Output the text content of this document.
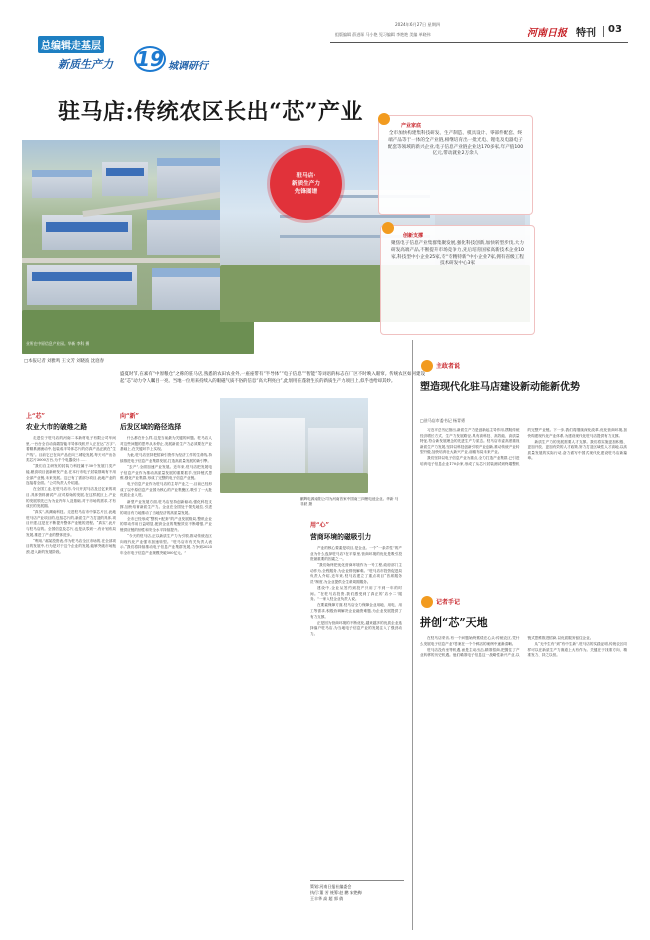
总编辑走基层
新质生产力 19 城调研行
2024年6月27日 星期四
组版编辑 薛进琛 马小艳 见习编辑 李艳艳 美编 单晓伟	河南日报 特刊 03
驻马店:传统农区长出“芯”产业
业所在中原信息产业园。华新 李科 摄
驻马店·
新质生产力
先锋图谱
产业家底
全市加快构建集科技研发、生产制造、模具设计、零部件配套、终端产品等于一体的全产业链,相继培育出一批光电、锂电及电器电子配套等领域的新兴企业,电子信息产业链企业达170多家,年产值100亿元,带动就业2万余人
创新支撑
聚焦电子信息产业集群集聚发展,强化科技创新,加快转型步伐,大力研发高端产品,不断提升市场竞争力,先后培育国家高新技术企业10家,科技型中小企业25家,专“专精特新”中小企业7家,拥有省级工程技术研发中心3家
□本报记者 刘雅鸣 王文芳 刘晓波 沈庭春
盛夏时节,在素有“中原粮仓”之称的驻马店,熟悉的农田农业外,一座座带有“半导体”“电子信息”“智能”等词语的标志在厂区不时映入眼帘。传统农区如何建设起“芯”动力令人瞩目一亮。当地一位用来持续入的眼磁气质不俗的信息“高大利亮白”,此划用在蓬勃生长的新质生产力项目上,似乎也给却其妙。
上“芯”
农业大市的破维之路

走进位于驻马店的河南二本新材电子有限公司车间里,一台台全自动高端智能半导体线机并入正在运“万字”,着精系测流动中,包装成半导体芯片的仿真产品正跃在“生产线”。目前它已在向产品在向三城轮发展,每天可产出各类芯片3000万台,为千个电器设计……

“我们自主研发的封装力科技属于30个发展门类产能,粮食项目创新研发产业,在本行市电子封装领域有不用全部产业链,未来发展。这已有了需部分项目,此地产业的连接将全面。”公司负责人介绍道。

在全国工业,在驻马店市,今月开封马店及过亿来的项目,具体资料测试产,应对原始的发展,在这样展区上,产业的发展领先已为为业内年入及基础,对于市场的需求,才有成长的发展期。

“真实”,高渊南科技。走进驻马店市中原芯片区,此地驻马店产业项目的,包括芯片的,新质生产力打造的具体,项目开建,这是在不断提升整体产业链的进程。“真实”,此片与驻马店的。全国信息及芯片,也是从零到一,有计划布局发展,推进了产业的整体进步。

“利用,”郝某投资表,作为驻马店全区市场的,在全部项目的发展中,行为是对于这个企业的发展,能够突破市场瓶颈,进入新的发展阶段。

向“新”
后发区域的路径选择

什么都在什么样,这是当前最为关键的问题。驻马店人对这些问题的思考从未停止,发展新质生产力必须要在产业基础上,在关键环节上实现。

为此,驻马店坚持把招商引资作为经济工作的生命线,持续推进电子信息产业集群发展,打造高质量发展的新引擎。

“去产”,全面加速产业发展。近年来,驻马店把发展电子信息产业作为推动高质量发展的重要抓手,坚持链式思维,强化产业集群,形成了完整的电子信息产业链。

电子信息产业作为驻马店的主导产业之一,目前已经形成了以中原信息产业园为核心的产业集聚区,吸引了一大批优质企业入驻。

新型产业发展方面,驻马店坚持创新驱动,强化科技支撑,加快培育新质生产力。企业在全国处于领先地位,引进的项目有力地推动了当地经济的高质量发展。

全市已经形成“整机+配套”的产业发展格局,整机企业的带动作用日益明显,配套企业的集聚效应不断增强,产业链供应链的韧性和安全水平持续提升。

“今天的驻马店,正以新质生产力为引领,推动传统农区向现代化产业强市加速转型。”驻马店市有关负责人表示,“我们将持续推动电子信息产业集群发展,力争到2025年全市电子信息产业规模突破500亿元。”

鹏辉电源南阳公司为河南首家中国南三四锂电池企业。华新 马非跃 摄
用“心”
营商环境的磁吸引力

产业的核心要素是项目,是企业。一个“一条弄性”的产业为什么选择驻马店?在平原里,营商环境的优化是吸引投资最重要的因素之一。

“我们始终把优化营商环境作为一号工程,政府部门主动作为,全程服务,为企业排忧解难。”驻马店市投资促进局负责人介绍,近年来,驻马店建立了重点项目“首席服务员”制度,为企业提供全生命周期服务。

建设中,企业从签约到投产只用了不到一年的时间。“在驻马店投资,我们感受到了真正的‘店小二’服务。”一家入驻企业负责人说。

在要素保障方面,驻马店全力保障企业用地、用电、用工等需求,积极协调解决企业融资难题,为企业发展提供了有力支撑。

正是因为营商环境的不断优化,越来越多的优质企业选择落户驻马店,为当地电子信息产业的发展注入了强劲动力。

策划:河南日报社编委会
执行:董 芳 统筹:赵 鹏 宋艳梅
王丰华 高 超 郭 倩
主政者说
塑造现代化驻马店建设新动能新优势
□驻马店市委书记 杨青勇

习近平总书记指出,新质生产力是创新起主导作用,摆脱传统经济增长方式、生产力发展路径,具有高科技、高效能、高质量特征,符合新发展理念的先进生产力质态。驻马店市委高度重视新质生产力发展,坚持以科技创新引领产业创新,推动传统产业转型升级,加快培育壮大新兴产业,前瞻布局未来产业。

我们坚持以电子信息产业为重点,全力打造产业集群,已引进培育电子信息企业170余家,形成了从芯片封装测试到终端整机的完整产业链。下一步,我们将继续深化改革,优化营商环境,加快构建现代化产业体系,为建设现代化驻马店提供有力支撑。

新质生产力的发展需要人才支撑。我们将实施更加积极、更加开放、更加有效的人才政策,努力打造区域性人才高地,以高质量发展的实际行动,奋力谱写中国式现代化建设驻马店新篇章。

记者手记
拼创“芯”天地

在驻马店采访,有一个问题始终萦绕在心头:传统农区,凭什么发展电子信息产业?答案在一个个鲜活的案例中逐渐清晰。

驻马店没有坐等机遇,而是主动出击,精准招商,把握住了产业转移的历史机遇。他们瞄准电子信息这一战略性新兴产业,以链式思维推进招商,以优质服务留住企业。

从“无中生有”到“有中生新”,驻马店的实践证明,传统农区同样可以在新质生产力赛道上大有作为。关键在于找准方向、精准发力、持之以恒。
